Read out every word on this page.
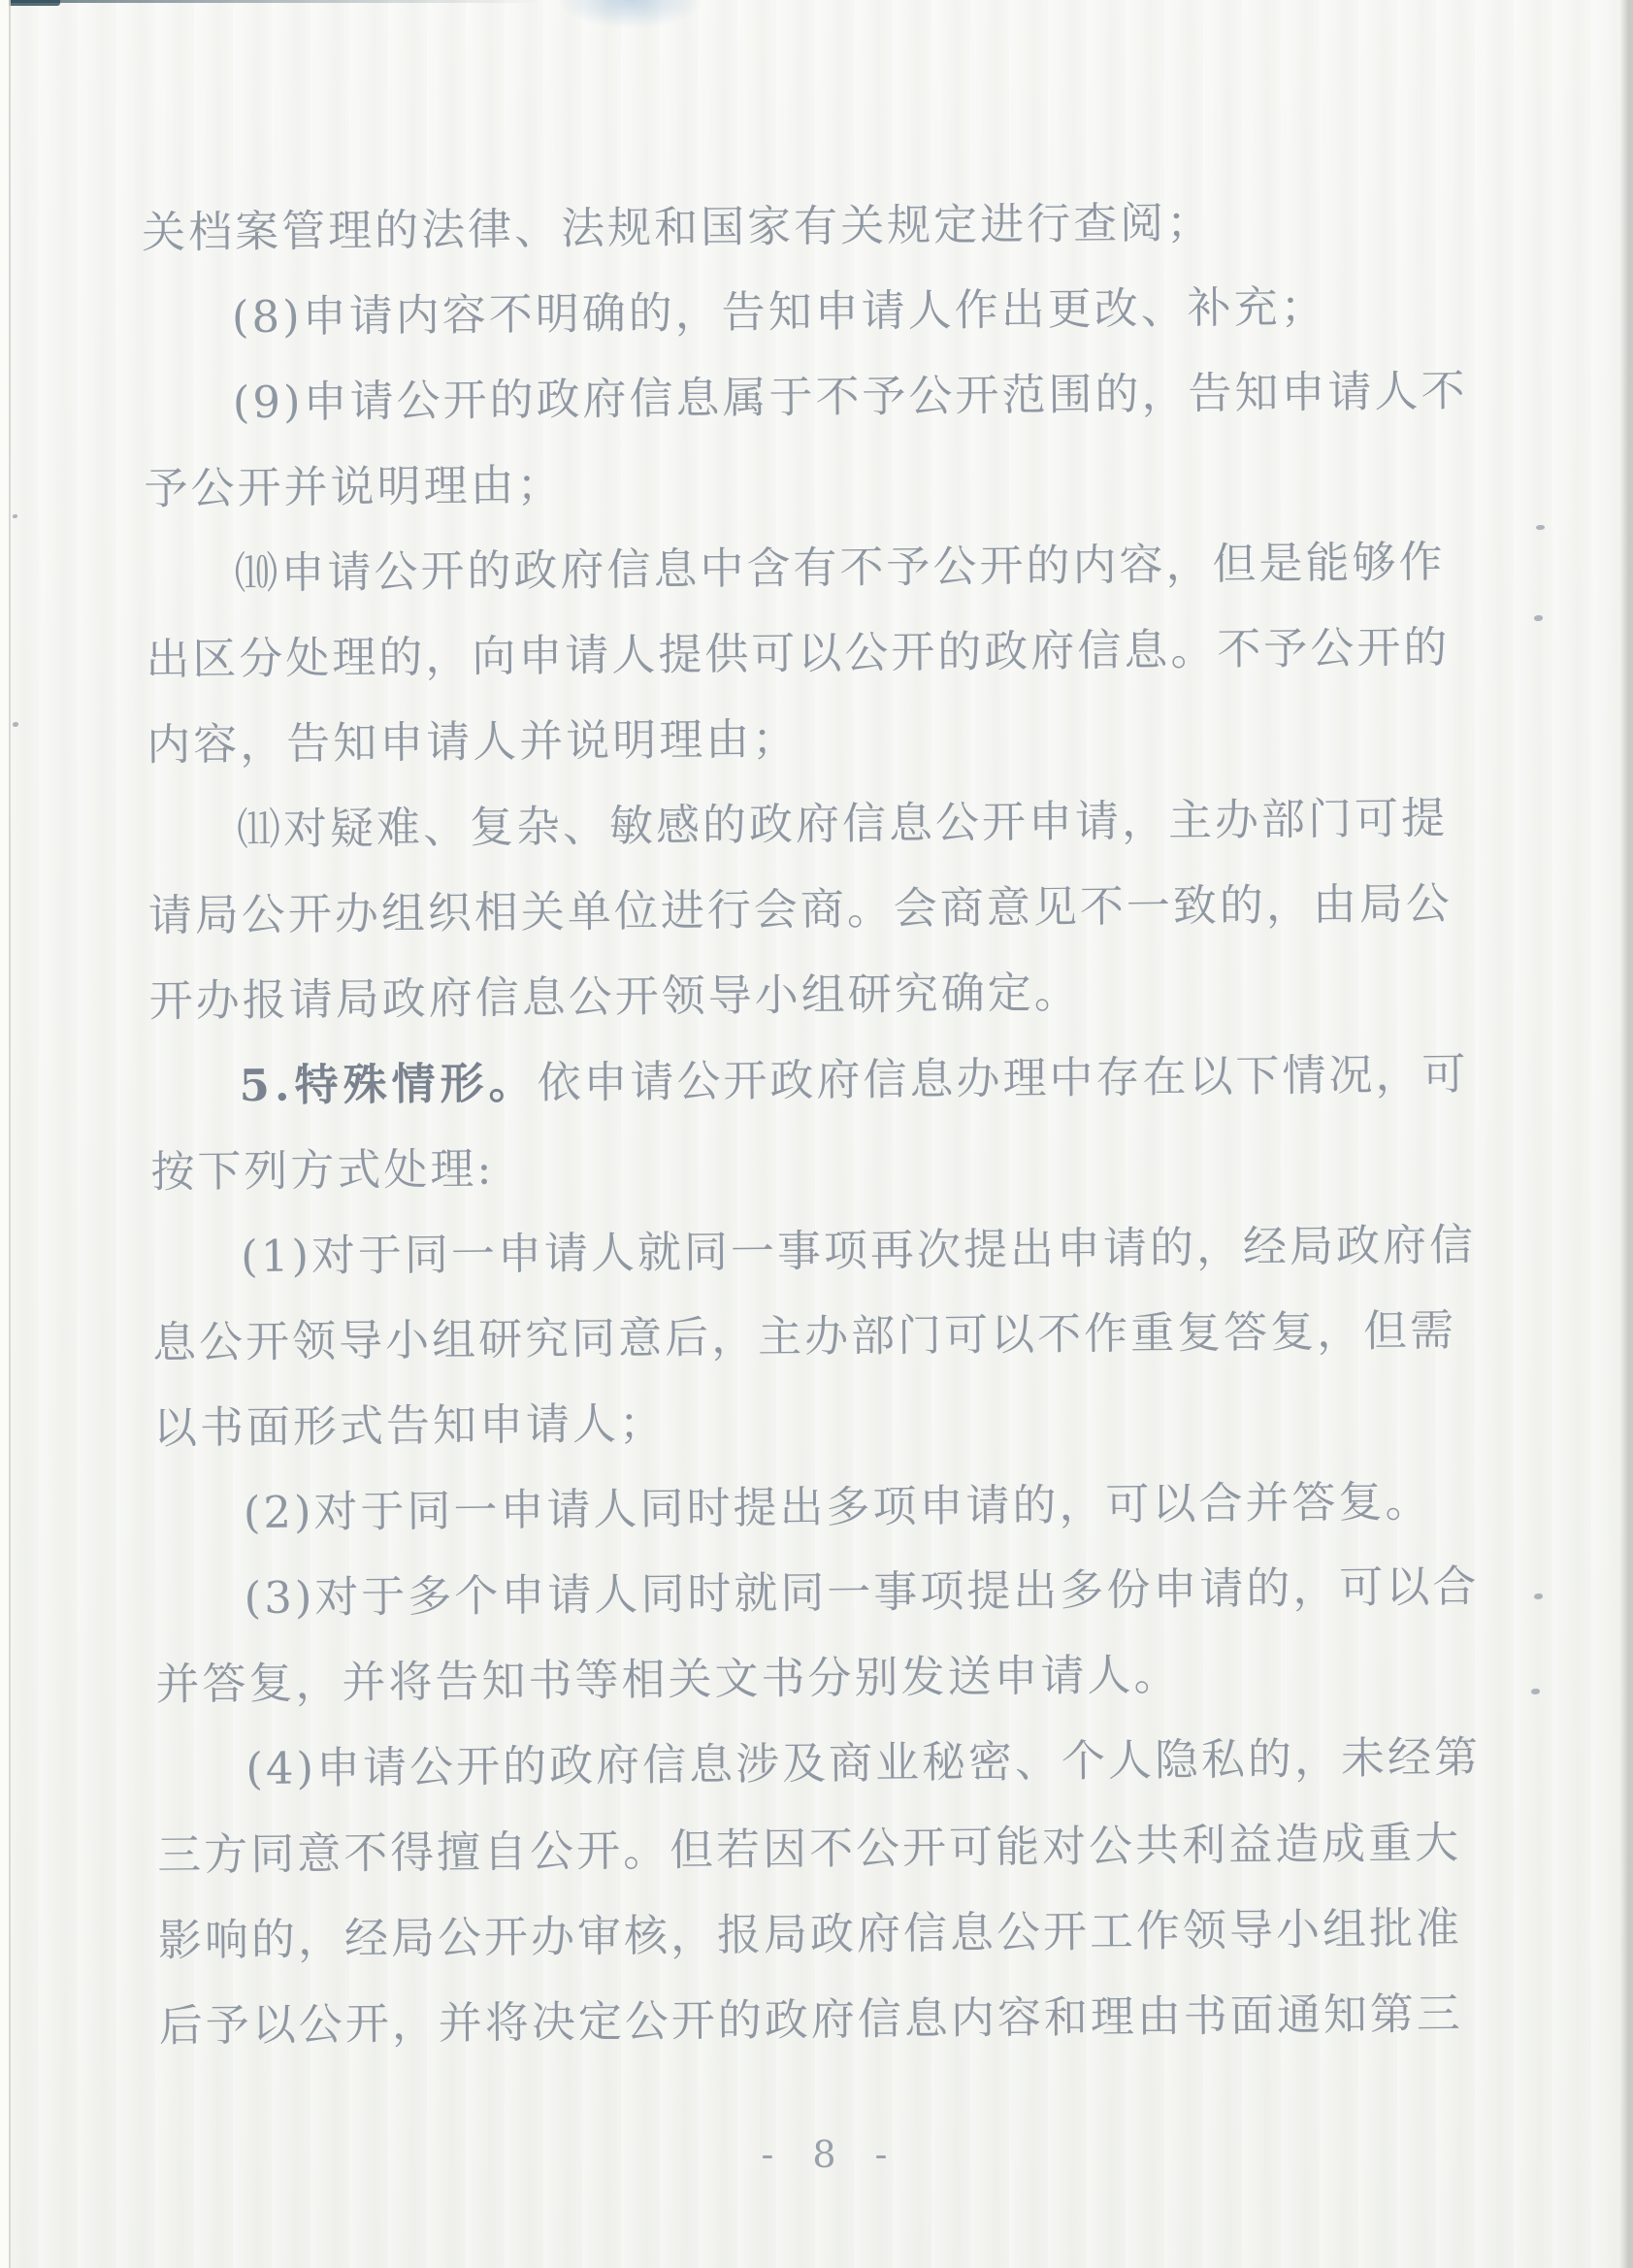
关档案管理的法律、法规和国家有关规定进行查阅；
(8)申请内容不明确的，告知申请人作出更改、补充；
(9)申请公开的政府信息属于不予公开范围的，告知申请人不
予公开并说明理由；
⑽申请公开的政府信息中含有不予公开的内容，但是能够作
出区分处理的，向申请人提供可以公开的政府信息。不予公开的
内容，告知申请人并说明理由；
⑾对疑难、复杂、敏感的政府信息公开申请，主办部门可提
请局公开办组织相关单位进行会商。会商意见不一致的，由局公
开办报请局政府信息公开领导小组研究确定。
5.特殊情形。依申请公开政府信息办理中存在以下情况，可
按下列方式处理:
(1)对于同一申请人就同一事项再次提出申请的，经局政府信
息公开领导小组研究同意后，主办部门可以不作重复答复，但需
以书面形式告知申请人；
(2)对于同一申请人同时提出多项申请的，可以合并答复。
(3)对于多个申请人同时就同一事项提出多份申请的，可以合
并答复，并将告知书等相关文书分别发送申请人。
(4)申请公开的政府信息涉及商业秘密、个人隐私的，未经第
三方同意不得擅自公开。但若因不公开可能对公共利益造成重大
影响的，经局公开办审核，报局政府信息公开工作领导小组批准
后予以公开，并将决定公开的政府信息内容和理由书面通知第三
- 8 -
